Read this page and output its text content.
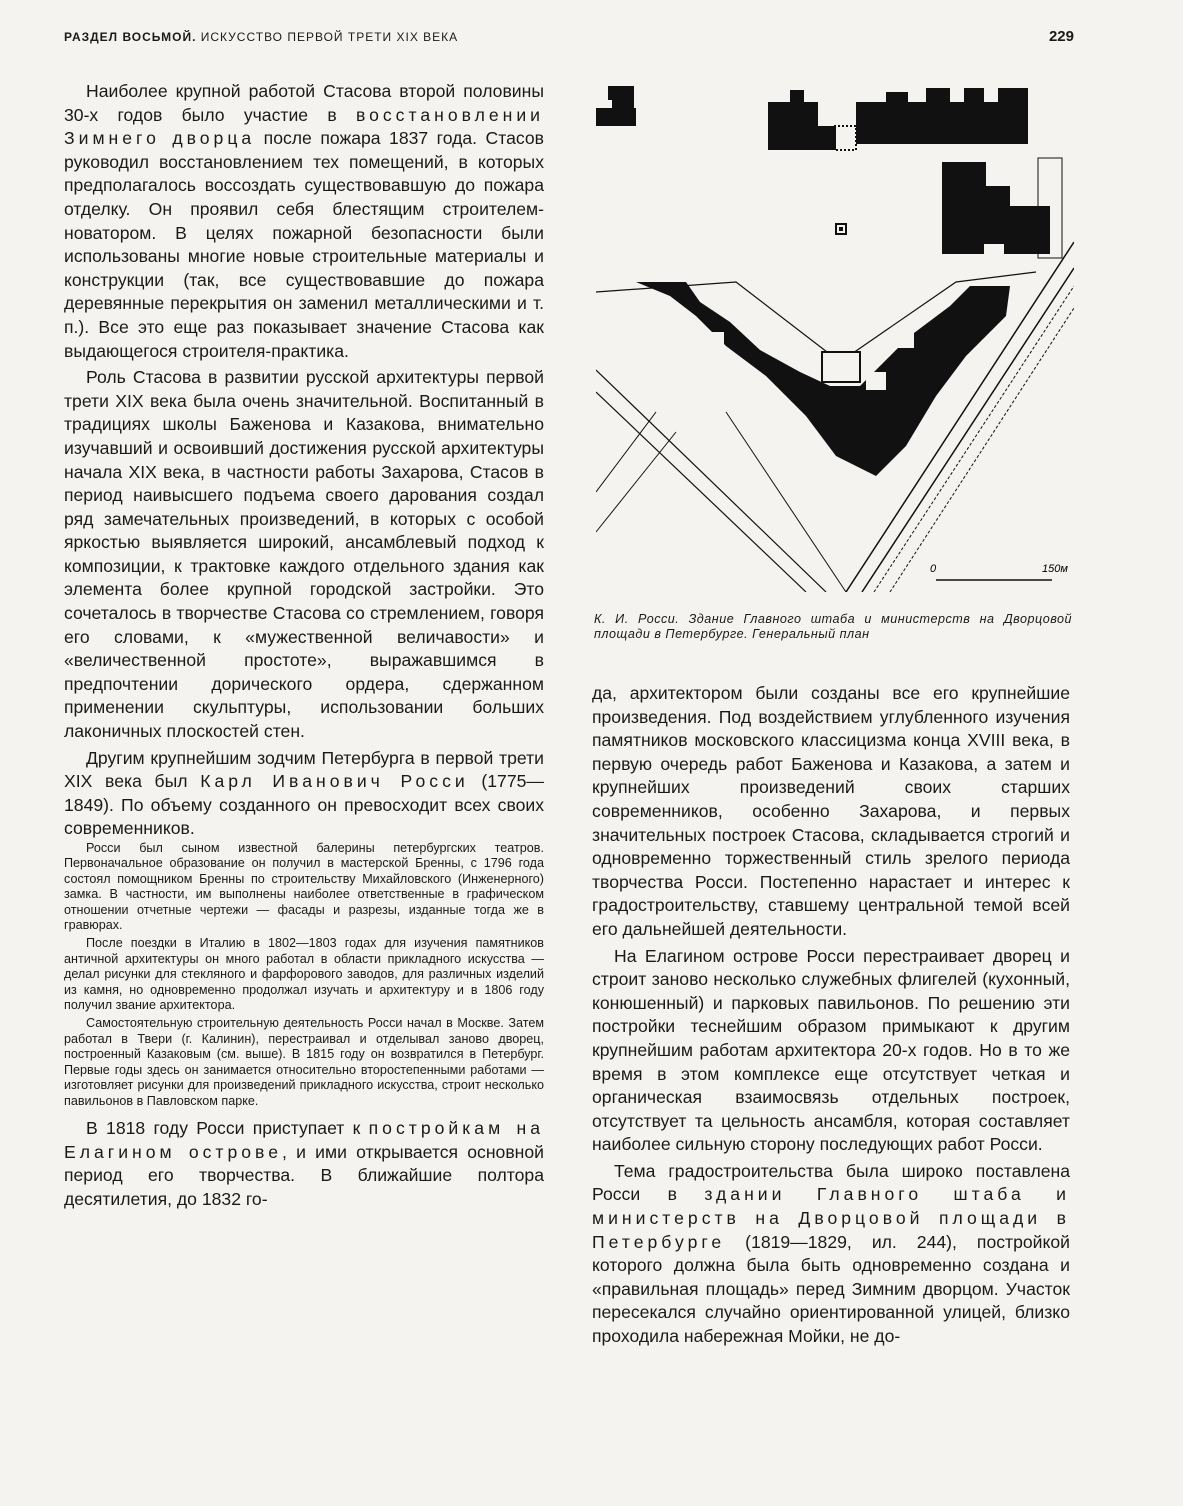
РАЗДЕЛ ВОСЬМОЙ. ИСКУССТВО ПЕРВОЙ ТРЕТИ XIX ВЕКА	229

Наиболее крупной работой Стасова второй половины 30-х годов было участие в восстановлении Зимнего дворца после пожара 1837 года. Стасов руководил восстановлением тех помещений, в которых предполагалось воссоздать существовавшую до пожара отделку. Он проявил себя блестящим строителем-новатором. В целях пожарной безопасности были использованы многие новые строительные материалы и конструкции (так, все существовавшие до пожара деревянные перекрытия он заменил металлическими и т. п.). Все это еще раз показывает значение Стасова как выдающегося строителя-практика.

Роль Стасова в развитии русской архитектуры первой трети XIX века была очень значительной. Воспитанный в традициях школы Баженова и Казакова, внимательно изучавший и освоивший достижения русской архитектуры начала XIX века, в частности работы Захарова, Стасов в период наивысшего подъема своего дарования создал ряд замечательных произведений, в которых с особой яркостью выявляется широкий, ансамблевый подход к композиции, к трактовке каждого отдельного здания как элемента более крупной городской застройки. Это сочеталось в творчестве Стасова со стремлением, говоря его словами, к «мужественной величавости» и «величественной простоте», выражавшимся в предпочтении дорического ордера, сдержанном применении скульптуры, использовании больших лаконичных плоскостей стен.

Другим крупнейшим зодчим Петербурга в первой трети XIX века был Карл Иванович Росси (1775—1849). По объему созданного он превосходит всех своих современников.

Росси был сыном известной балерины петербургских театров. Первоначальное образование он получил в мастерской Бренны, с 1796 года состоял помощником Бренны по строительству Михайловского (Инженерного) замка. В частности, им выполнены наиболее ответственные в графическом отношении отчетные чертежи — фасады и разрезы, изданные тогда же в гравюрах.

После поездки в Италию в 1802—1803 годах для изучения памятников античной архитектуры он много работал в области прикладного искусства — делал рисунки для стекляного и фарфорового заводов, для различных изделий из камня, но одновременно продолжал изучать и архитектуру и в 1806 году получил звание архитектора.

Самостоятельную строительную деятельность Росси начал в Москве. Затем работал в Твери (г. Калинин), перестраивал и отделывал заново дворец, построенный Казаковым (см. выше). В 1815 году он возвратился в Петербург. Первые годы здесь он занимается относительно второстепенными работами — изготовляет рисунки для произведений прикладного искусства, строит несколько павильонов в Павловском парке.

В 1818 году Росси приступает к постройкам на Елагином острове, и ими открывается основной период его творчества. В ближайшие полтора десятилетия, до 1832 го-

0	150м
К. И. Росси. Здание Главного штаба и министерств на Дворцовой площади в Петербурге. Генеральный план

да, архитектором были созданы все его крупнейшие произведения. Под воздействием углубленного изучения памятников московского классицизма конца XVIII века, в первую очередь работ Баженова и Казакова, а затем и крупнейших произведений своих старших современников, особенно Захарова, и первых значительных построек Стасова, складывается строгий и одновременно торжественный стиль зрелого периода творчества Росси. Постепенно нарастает и интерес к градостроительству, ставшему центральной темой всей его дальнейшей деятельности.

На Елагином острове Росси перестраивает дворец и строит заново несколько служебных флигелей (кухонный, конюшенный) и парковых павильонов. По решению эти постройки теснейшим образом примыкают к другим крупнейшим работам архитектора 20-х годов. Но в то же время в этом комплексе еще отсутствует четкая и органическая взаимосвязь отдельных построек, отсутствует та цельность ансамбля, которая составляет наиболее сильную сторону последующих работ Росси.

Тема градостроительства была широко поставлена Росси в здании Главного штаба и министерств на Дворцовой площади в Петербурге (1819—1829, ил. 244), постройкой которого должна была быть одновременно создана и «правильная площадь» перед Зимним дворцом. Участок пересекался случайно ориентированной улицей, близко проходила набережная Мойки, не до-
